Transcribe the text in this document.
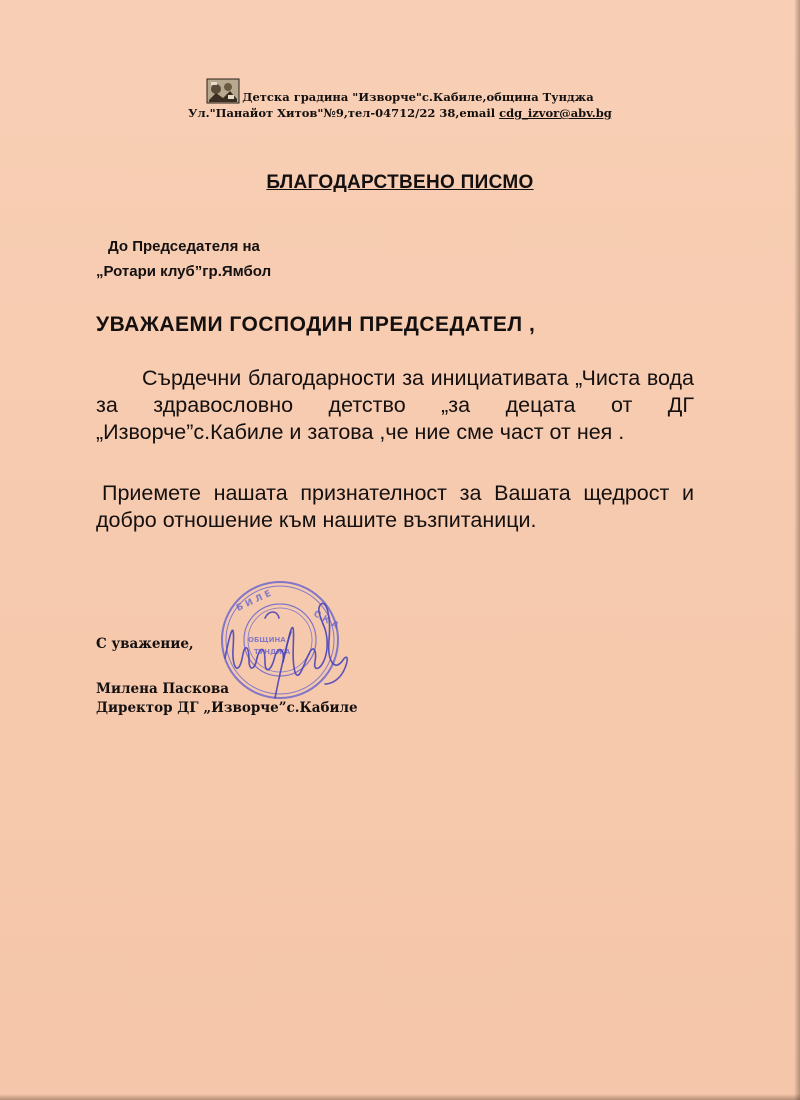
Детска градина "Изворче"с.Кабиле,община Тунджа
Ул."Панайот Хитов"№9,тел-04712/22 38,email cdg_izvor@abv.bg
БЛАГОДАРСТВЕНО ПИСМО
До Председателя на
„Ротари клуб”гр.Ямбол
УВАЖАЕМИ ГОСПОДИН ПРЕДСЕДАТЕЛ ,
Сърдечни благодарности за инициативата „Чиста вода за здравословно детство „за децата от ДГ „Изворче”с.Кабиле и затова ,че ние сме част от нея .
Приемете нашата признателност за Вашата щедрост и добро отношение към нашите възпитаници.
С уважение,
Милена Паскова
Директор ДГ „Изворче”с.Кабиле
Б И Л Е
С.К А
ОБЩИНА
ТУНДЖА
